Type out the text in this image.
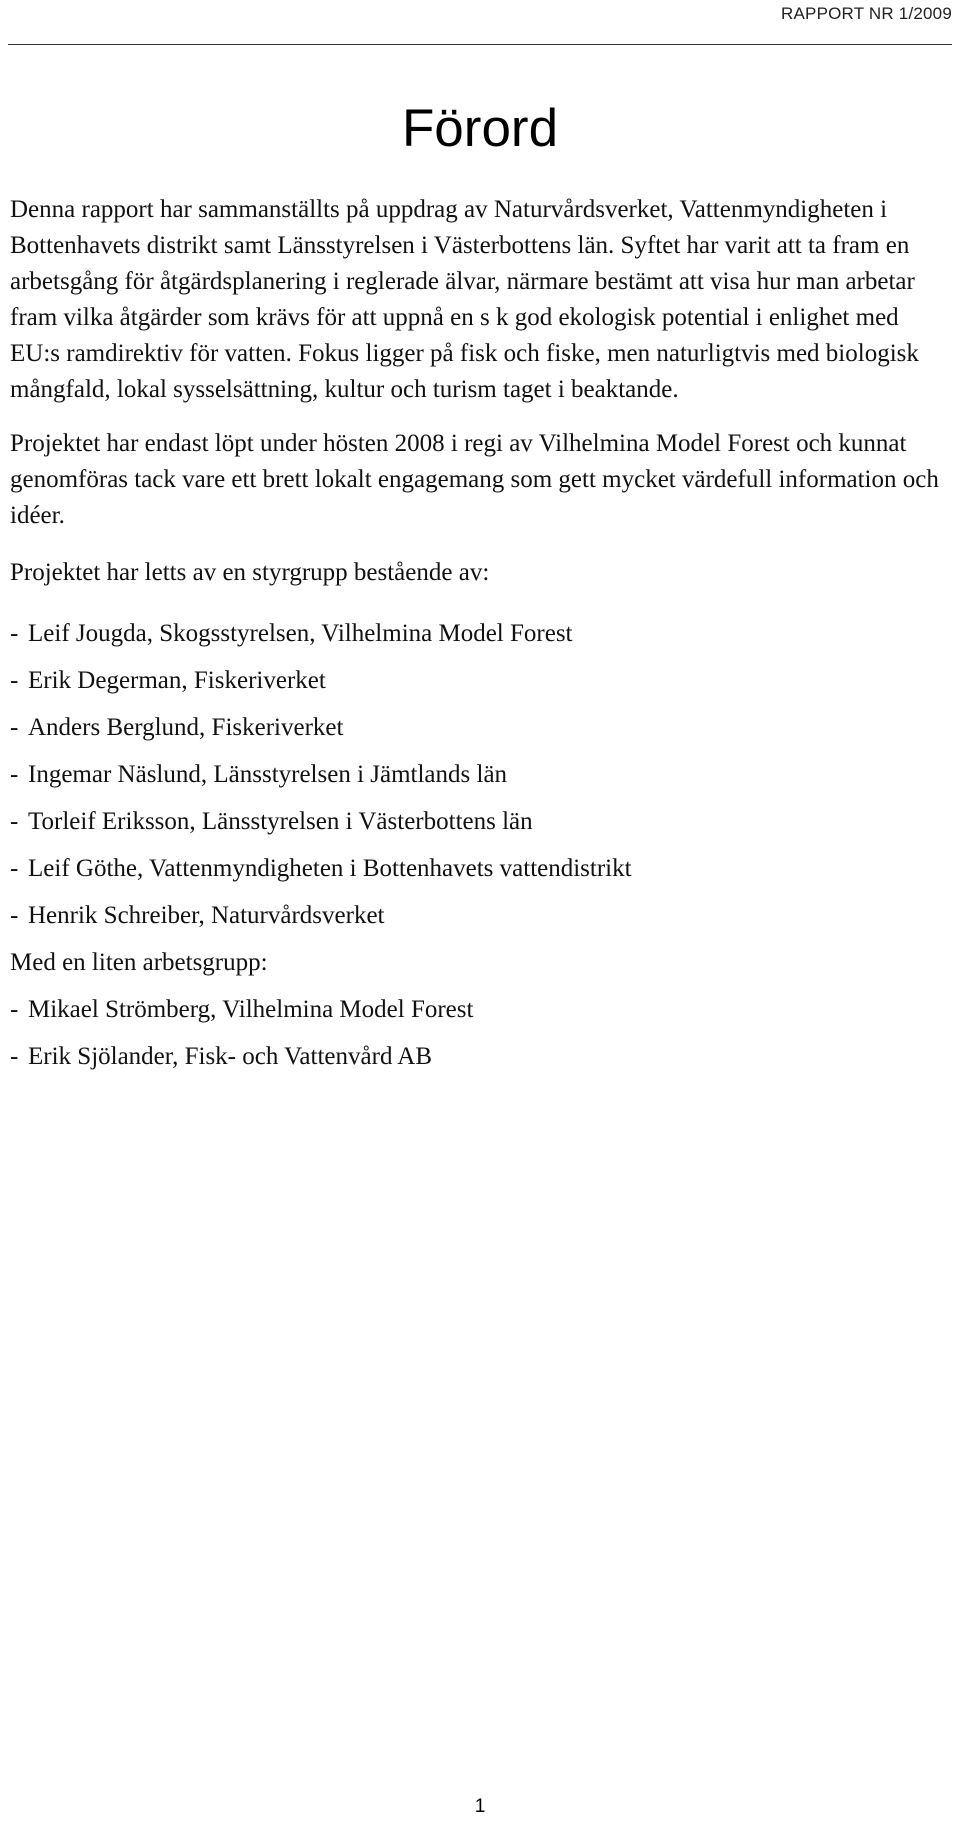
RAPPORT NR 1/2009
Förord

Denna rapport har sammanställts på uppdrag av Naturvårdsverket, Vattenmyndigheten i Bottenhavets distrikt samt Länsstyrelsen i Västerbottens län. Syftet har varit att ta fram en arbetsgång för åtgärdsplanering i reglerade älvar, närmare bestämt att visa hur man arbetar fram vilka åtgärder som krävs för att uppnå en s k god ekologisk potential i enlighet med EU:s ramdirektiv för vatten. Fokus ligger på fisk och fiske, men naturligtvis med biologisk mångfald, lokal sysselsättning, kultur och turism taget i beaktande.

Projektet har endast löpt under hösten 2008 i regi av Vilhelmina Model Forest och kunnat genomföras tack vare ett brett lokalt engagemang som gett mycket värdefull information och idéer.

Projektet har letts av en styrgrupp bestående av:

- Leif Jougda, Skogsstyrelsen, Vilhelmina Model Forest
- Erik Degerman, Fiskeriverket
- Anders Berglund, Fiskeriverket
- Ingemar Näslund, Länsstyrelsen i Jämtlands län
- Torleif Eriksson, Länsstyrelsen i Västerbottens län
- Leif Göthe, Vattenmyndigheten i Bottenhavets vattendistrikt
- Henrik Schreiber, Naturvårdsverket

Med en liten arbetsgrupp:

- Mikael Strömberg, Vilhelmina Model Forest
- Erik Sjölander, Fisk- och Vattenvård AB
1
